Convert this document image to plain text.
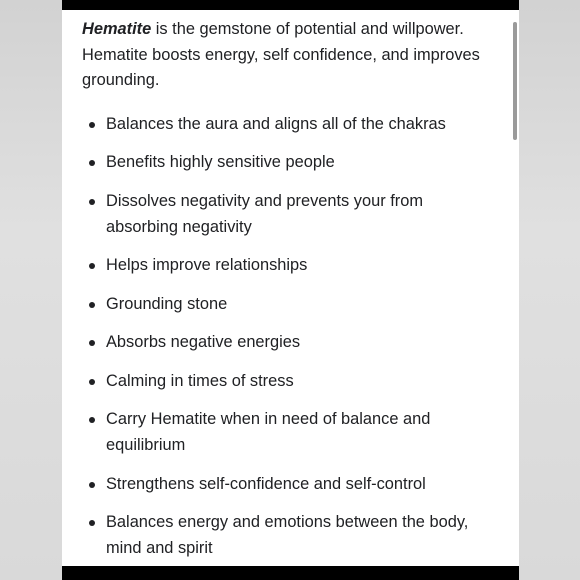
Hematite is the gemstone of potential and willpower. Hematite boosts energy, self confidence, and improves grounding.

Balances the aura and aligns all of the chakras
Benefits highly sensitive people
Dissolves negativity and prevents your from absorbing negativity
Helps improve relationships
Grounding stone
Absorbs negative energies
Calming in times of stress
Carry Hematite when in need of balance and equilibrium
Strengthens self-confidence and self-control
Balances energy and emotions between the body, mind and spirit
